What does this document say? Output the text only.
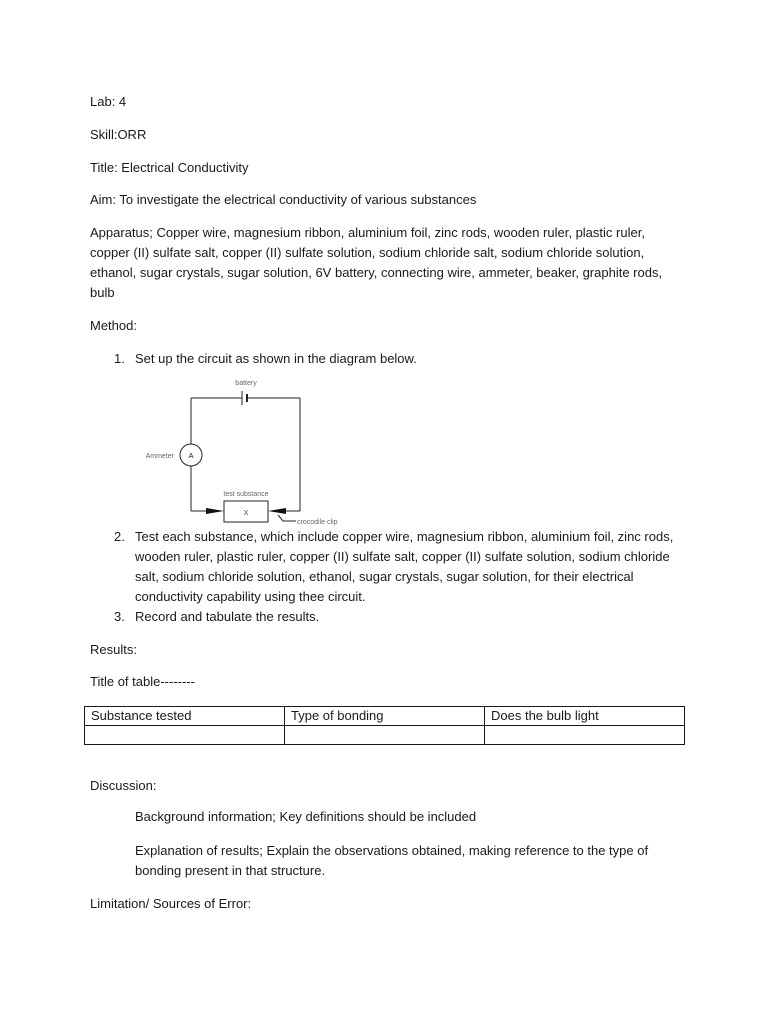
Lab: 4

Skill:ORR

Title: Electrical Conductivity

Aim: To investigate the electrical conductivity of various substances

Apparatus; Copper wire, magnesium ribbon, aluminium foil, zinc rods, wooden ruler, plastic ruler, copper (II) sulfate salt, copper (II) sulfate solution, sodium chloride salt, sodium chloride solution, ethanol, sugar crystals, sugar solution, 6V battery, connecting wire, ammeter, beaker, graphite rods, bulb

Method:

1. Set up the circuit as shown in the diagram below.
battery
Ammeter A
test substance
X
crocodile clip
2. Test each substance, which include copper wire, magnesium ribbon, aluminium foil, zinc rods, wooden ruler, plastic ruler, copper (II) sulfate salt, copper (II) sulfate solution, sodium chloride salt, sodium chloride solution, ethanol, sugar crystals, sugar solution, for their electrical conductivity capability using thee circuit.
3. Record and tabulate the results.

Results:

Title of table--------

Substance tested	Type of bonding	Does the bulb light

Discussion:

Background information; Key definitions should be included

Explanation of results; Explain the observations obtained, making reference to the type of bonding present in that structure.

Limitation/ Sources of Error:
